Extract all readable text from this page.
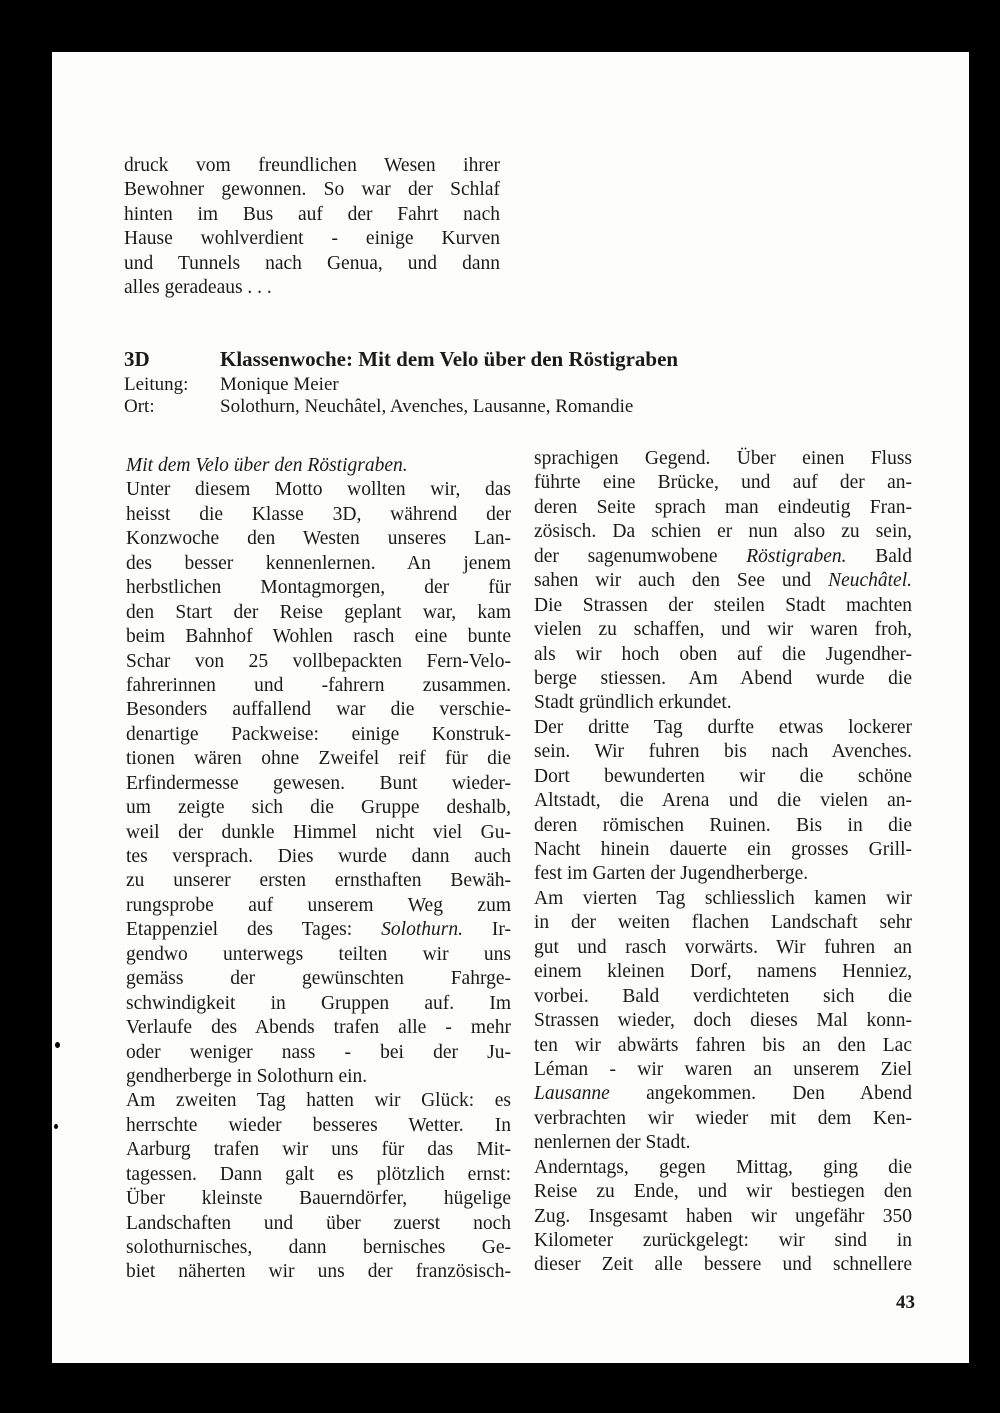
druck vom freundlichen Wesen ihrer
Bewohner gewonnen. So war der Schlaf
hinten im Bus auf der Fahrt nach
Hause wohlverdient - einige Kurven
und Tunnels nach Genua, und dann
alles geradeaus . . .
3D	Klassenwoche: Mit dem Velo über den Röstigraben
Leitung: Monique Meier
Ort:	Solothurn, Neuchâtel, Avenches, Lausanne, Romandie
Mit dem Velo über den Röstigraben.
Unter diesem Motto wollten wir, das
heisst die Klasse 3D, während der
Konzwoche den Westen unseres Lan-
des besser kennenlernen. An jenem
herbstlichen Montagmorgen, der für
den Start der Reise geplant war, kam
beim Bahnhof Wohlen rasch eine bunte
Schar von 25 vollbepackten Fern-Velo-
fahrerinnen und -fahrern zusammen.
Besonders auffallend war die verschie-
denartige Packweise: einige Konstruk-
tionen wären ohne Zweifel reif für die
Erfindermesse gewesen. Bunt wieder-
um zeigte sich die Gruppe deshalb,
weil der dunkle Himmel nicht viel Gu-
tes versprach. Dies wurde dann auch
zu unserer ersten ernsthaften Bewäh-
rungsprobe auf unserem Weg zum
Etappenziel des Tages: Solothurn. Ir-
gendwo unterwegs teilten wir uns
gemäss der gewünschten Fahrge-
schwindigkeit in Gruppen auf. Im
Verlaufe des Abends trafen alle - mehr
oder weniger nass - bei der Ju-
gendherberge in Solothurn ein.
Am zweiten Tag hatten wir Glück: es
herrschte wieder besseres Wetter. In
Aarburg trafen wir uns für das Mit-
tagessen. Dann galt es plötzlich ernst:
Über kleinste Bauerndörfer, hügelige
Landschaften und über zuerst noch
solothurnisches, dann bernisches Ge-
biet näherten wir uns der französisch-
sprachigen Gegend. Über einen Fluss
führte eine Brücke, und auf der an-
deren Seite sprach man eindeutig Fran-
zösisch. Da schien er nun also zu sein,
der sagenumwobene Röstigraben. Bald
sahen wir auch den See und Neuchâtel.
Die Strassen der steilen Stadt machten
vielen zu schaffen, und wir waren froh,
als wir hoch oben auf die Jugendher-
berge stiessen. Am Abend wurde die
Stadt gründlich erkundet.
Der dritte Tag durfte etwas lockerer
sein. Wir fuhren bis nach Avenches.
Dort bewunderten wir die schöne
Altstadt, die Arena und die vielen an-
deren römischen Ruinen. Bis in die
Nacht hinein dauerte ein grosses Grill-
fest im Garten der Jugendherberge.
Am vierten Tag schliesslich kamen wir
in der weiten flachen Landschaft sehr
gut und rasch vorwärts. Wir fuhren an
einem kleinen Dorf, namens Henniez,
vorbei. Bald verdichteten sich die
Strassen wieder, doch dieses Mal konn-
ten wir abwärts fahren bis an den Lac
Léman - wir waren an unserem Ziel
Lausanne angekommen. Den Abend
verbrachten wir wieder mit dem Ken-
nenlernen der Stadt.
Anderntags, gegen Mittag, ging die
Reise zu Ende, und wir bestiegen den
Zug. Insgesamt haben wir ungefähr 350
Kilometer zurückgelegt: wir sind in
dieser Zeit alle bessere und schnellere
43
